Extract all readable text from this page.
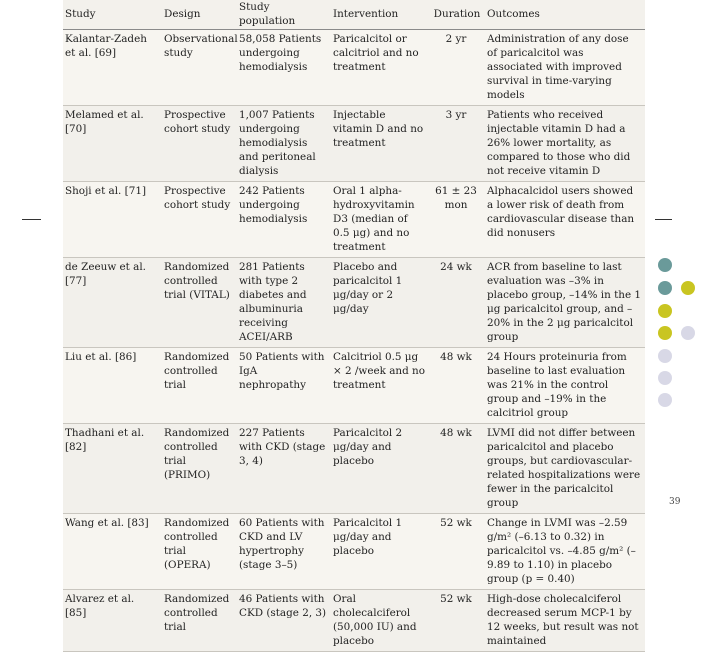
Study	Design	Study population	Intervention	Duration	Outcomes
Kalantar-Zadeh et al. [69]	Observational study	58,058 Patients undergoing hemodialysis	Paricalcitol or calcitriol and no treatment	2 yr	Administration of any dose of paricalcitol was associated with improved survival in time-varying models
Melamed et al. [70]	Prospective cohort study	1,007 Patients undergoing hemodialysis and peritoneal dialysis	Injectable vitamin D and no treatment	3 yr	Patients who received injectable vitamin D had a 26% lower mortality, as compared to those who did not receive vitamin D
Shoji et al. [71]	Prospective cohort study	242 Patients undergoing hemodialysis	Oral 1 alpha-hydroxyvitamin D3 (median of 0.5 μg) and no treatment	61 ± 23 mon	Alphacalcidol users showed a lower risk of death from cardiovascular disease than did nonusers
de Zeeuw et al. [77]	Randomized controlled trial (VITAL)	281 Patients with type 2 diabetes and albuminuria receiving ACEI/ARB	Placebo and paricalcitol 1 μg/day or 2 μg/day	24 wk	ACR from baseline to last evaluation was –3% in placebo group, –14% in the 1 μg paricalcitol group, and –20% in the 2 μg paricalcitol group
Liu et al. [86]	Randomized controlled trial	50 Patients with IgA nephropathy	Calcitriol 0.5 μg × 2 /week and no treatment	48 wk	24 Hours proteinuria from baseline to last evaluation was 21% in the control group and –19% in the calcitriol group
Thadhani et al. [82]	Randomized controlled trial (PRIMO)	227 Patients with CKD (stage 3, 4)	Paricalcitol 2 μg/day and placebo	48 wk	LVMI did not differ between paricalcitol and placebo groups, but cardiovascular-related hospitalizations were fewer in the paricalcitol group
Wang et al. [83]	Randomized controlled trial (OPERA)	60 Patients with CKD and LV hypertrophy (stage 3–5)	Paricalcitol 1 μg/day and placebo	52 wk	Change in LVMI was –2.59 g/m² (–6.13 to 0.32) in paricalcitol vs. –4.85 g/m² (–9.89 to 1.10) in placebo group (p = 0.40)
Alvarez et al. [85]	Randomized controlled trial	46 Patients with CKD (stage 2, 3)	Oral cholecalciferol (50,000 IU) and placebo	52 wk	High-dose cholecalciferol decreased serum MCP-1 by 12 weeks, but result was not maintained
39
